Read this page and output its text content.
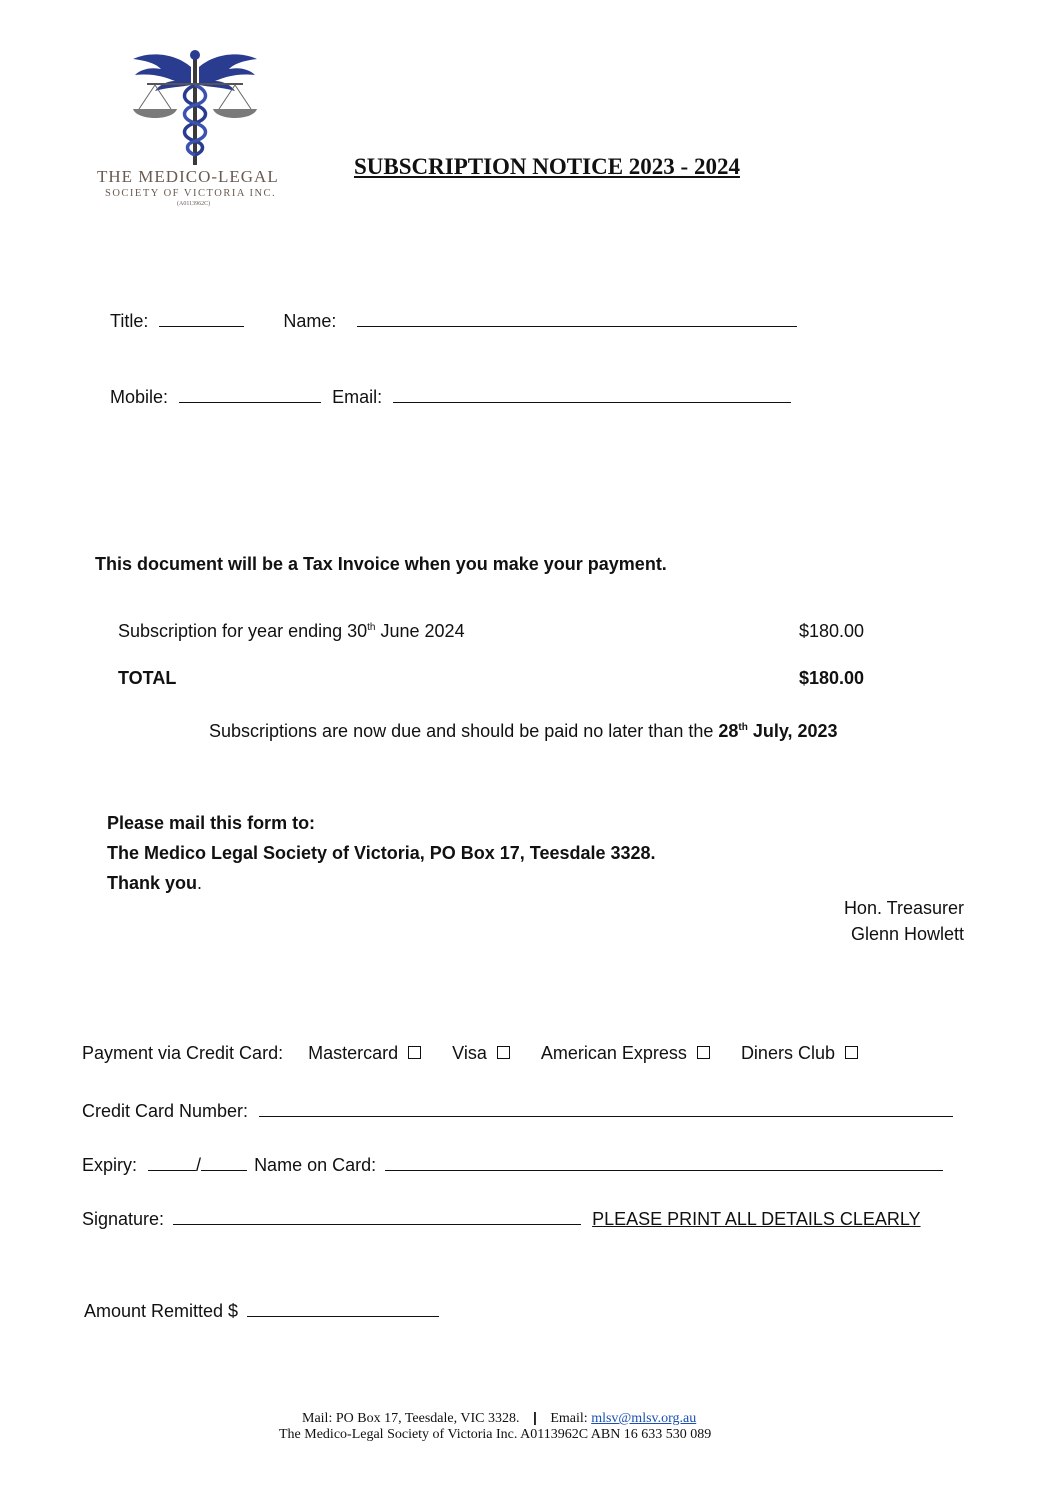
THE MEDICO-LEGAL
SOCIETY OF VICTORIA INC.
(A0113962C)
SUBSCRIPTION NOTICE 2023 - 2024
Title:	Name:
Mobile:	Email:
This document will be a Tax Invoice when you make your payment.
Subscription for year ending 30th June 2024	$180.00
TOTAL	$180.00
Subscriptions are now due and should be paid no later than the 28th July, 2023
Please mail this form to:
The Medico Legal Society of Victoria, PO Box 17, Teesdale 3328.
Thank you.
Hon. Treasurer
Glenn Howlett
Payment via Credit Card: Mastercard	Visa	American Express	Diners Club
Credit Card Number:
Expiry:	/	Name on Card:
Signature:	PLEASE PRINT ALL DETAILS CLEARLY
Amount Remitted $
Mail: PO Box 17, Teesdale, VIC 3328. | Email: mlsv@mlsv.org.au
The Medico-Legal Society of Victoria Inc. A0113962C ABN 16 633 530 089
